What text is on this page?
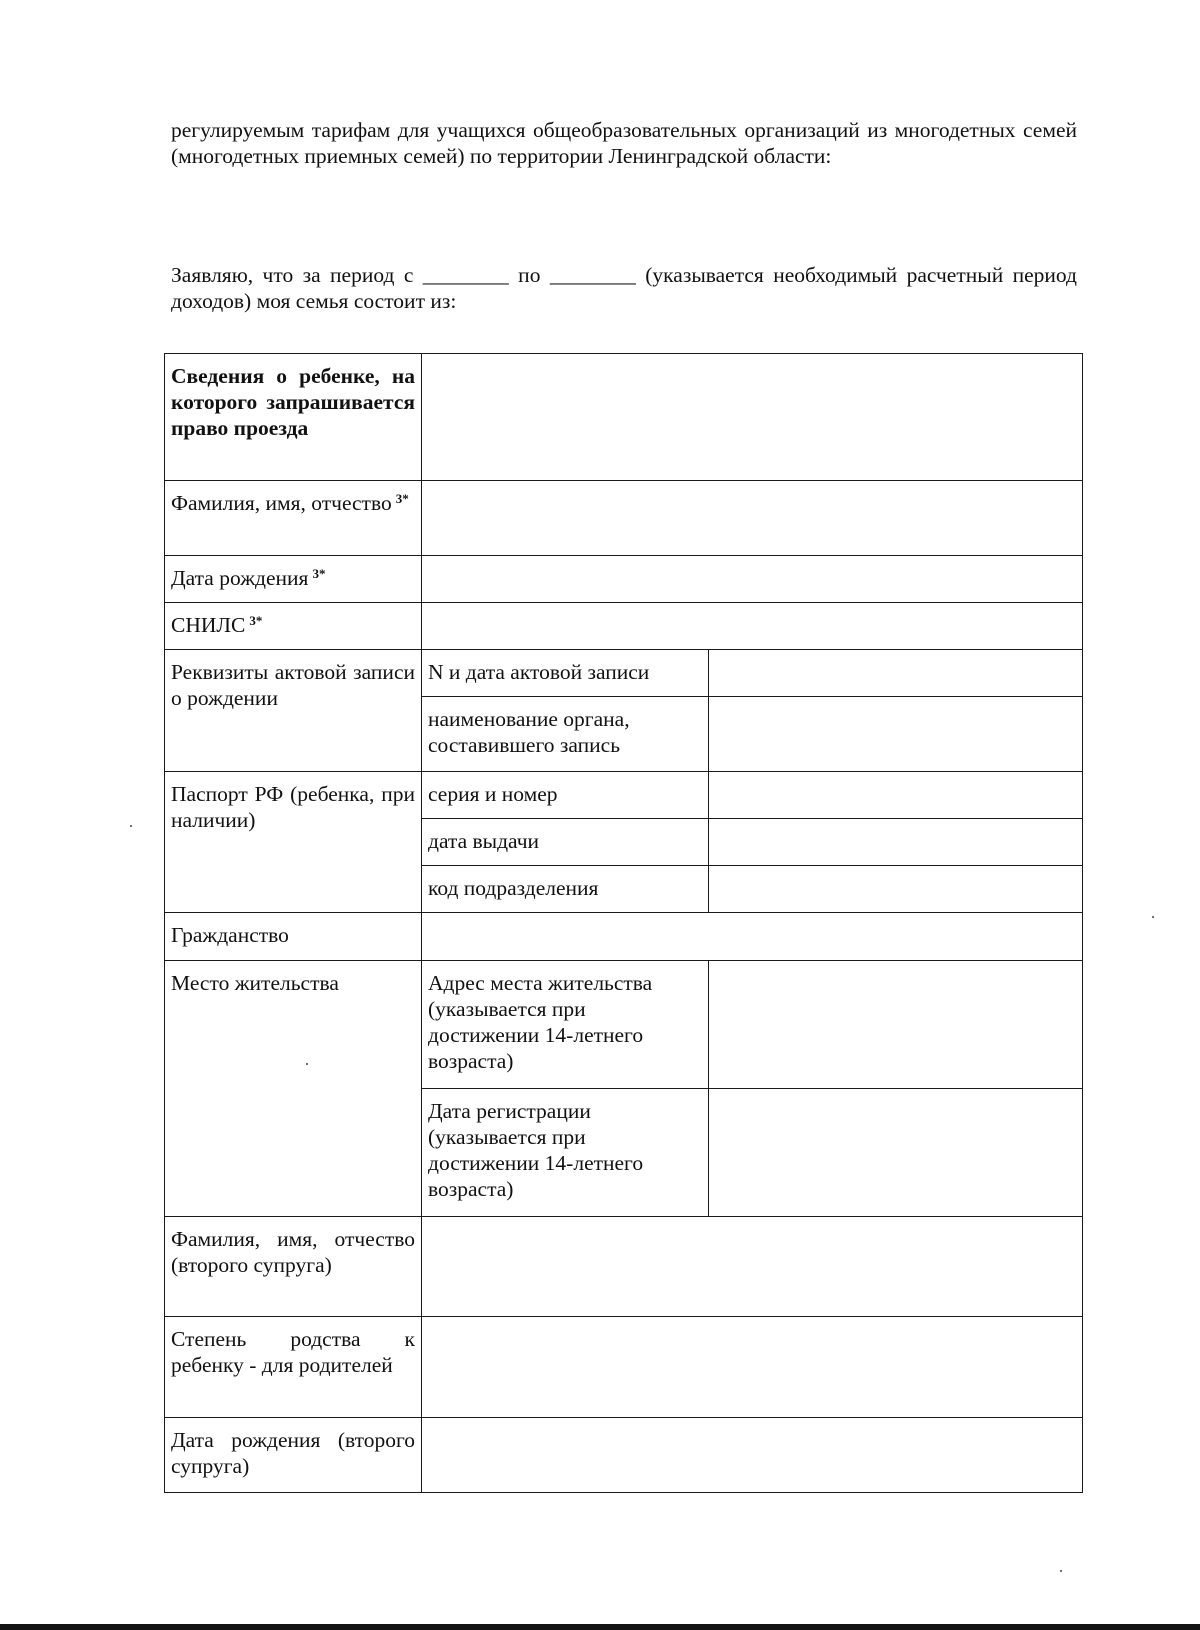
регулируемым тарифам для учащихся общеобразовательных организаций из многодетных семей (многодетных приемных семей) по территории Ленинградской области:
Заявляю, что за период с ________ по ________ (указывается необходимый расчетный период доходов) моя семья состоит из:
Сведения о ребенке, на которого запрашивается право проезда		
Фамилия, имя, отчество $^{3*}$	
Дата рождения $^{3*}$	
СНИЛС $^{3*}$	
Реквизиты актовой записи о рождении	N и дата актовой записи	
	наименование органа, составившего запись	
Паспорт РФ (ребенка, при наличии)	серия и номер	
	дата выдачи	
	код подразделения	
Гражданство		
Место жительства	Адрес места жительства (указывается при достижении 14-летнего возраста)	
	Дата регистрации (указывается при достижении 14-летнего возраста)	
Фамилия, имя, отчество (второго супруга)		
Степень родства к ребенку - для родителей		
Дата рождения (второго супруга)		
